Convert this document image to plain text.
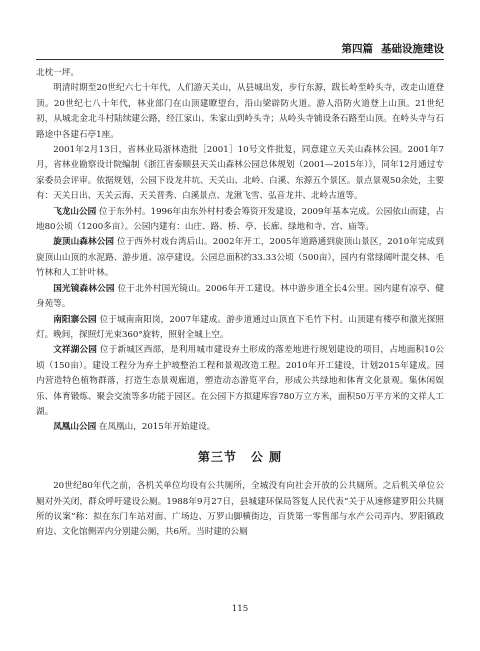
第四篇 基础设施建设

北枕一坪。

明清时期至20世纪六七十年代，人们游天关山，从县城出发，步行东源，跋长岭至岭头寺，改走山道登顶。20世纪七八十年代，林业部门在山顶建瞭望台，沿山梁辟防火道。游人沿防火道登上山顶。21世纪初，从城北金北斗村陆续建公路，经江家山、朱家山到岭头寺；从岭头寺铺设条石路至山顶。在岭头寺与石路途中各建石亭1座。

2001年2月13日，省林业局浙林造批［2001］10号文件批复，同意建立天关山森林公园。2001年7月，省林业勘察设计院编制《浙江省泰顺县天关山森林公园总体规划（2001—2015年）》，同年12月通过专家委员会评审。依据规划，公园下设龙井坑、天关山、北岭、白溪、东源五个景区。景点景观50余处，主要有：天关日出、天关云海、天关晋秀、白溪景点、龙湫飞雪、弘音龙井、北岭古道等。

飞龙山公园 位于东外村。1996年由东外村村委会筹资开发建设，2009年基本完成。公园依山而建，占地80公顷（1200多亩）。公园内建有：山庄、路、桥、亭、长廊、绿地和寺、宫、庙等。

旋顶山森林公园 位于西外村戏台湾后山。2002年开工，2005年道路通到旋顶山景区，2010年完成到旋顶山山顶的水泥路、游步道、凉亭建设。公园总面积约33.33公顷（500亩），园内有常绿阔叶混交林、毛竹林和人工针叶林。

国光镜森林公园 位于北外村国光镜山。2006年开工建设。林中游步道全长4公里。园内建有凉亭、健身苑等。

南阳寨公园 位于城南南阳岗，2007年建成。游步道通过山顶直下毛竹下村。山顶建有楼亭和激光探照灯。晚间，探照灯光束360°旋转，照射全城上空。

文祥湖公园 位于新城区西部，是利用城市建设弃土形成的落差地进行规划建设的项目，占地面积10公顷（150亩）。建设工程分为弃土护坡整治工程和景观改造工程。2010年开工建设，计划2015年建成。园内营造特色植物群落，打造生态景观廊道，塑造动态游览平台，形成公共绿地和体育文化景观。集休闲娱乐、体育锻炼、聚会交流等多功能于园区。在公园下方拟建库容780万立方米，面积50万平方米的文祥人工湖。

凤凰山公园 在凤凰山，2015年开始建设。

第三节 公 厕

20世纪80年代之前，各机关单位均设有公共厕所，全城没有向社会开放的公共厕所。之后机关单位公厕对外关闭，群众呼吁建设公厕。1988年9月27日，县城建环保局答复人民代表“关于从速修建罗阳公共厕所的议案”称：拟在东门车站对面、广场边、万罗山脚横街边，百货第一零售部与水产公司弄内、罗阳镇政府边、文化馆侧弄内分别建公厕，共6所。当时建的公厕

115
